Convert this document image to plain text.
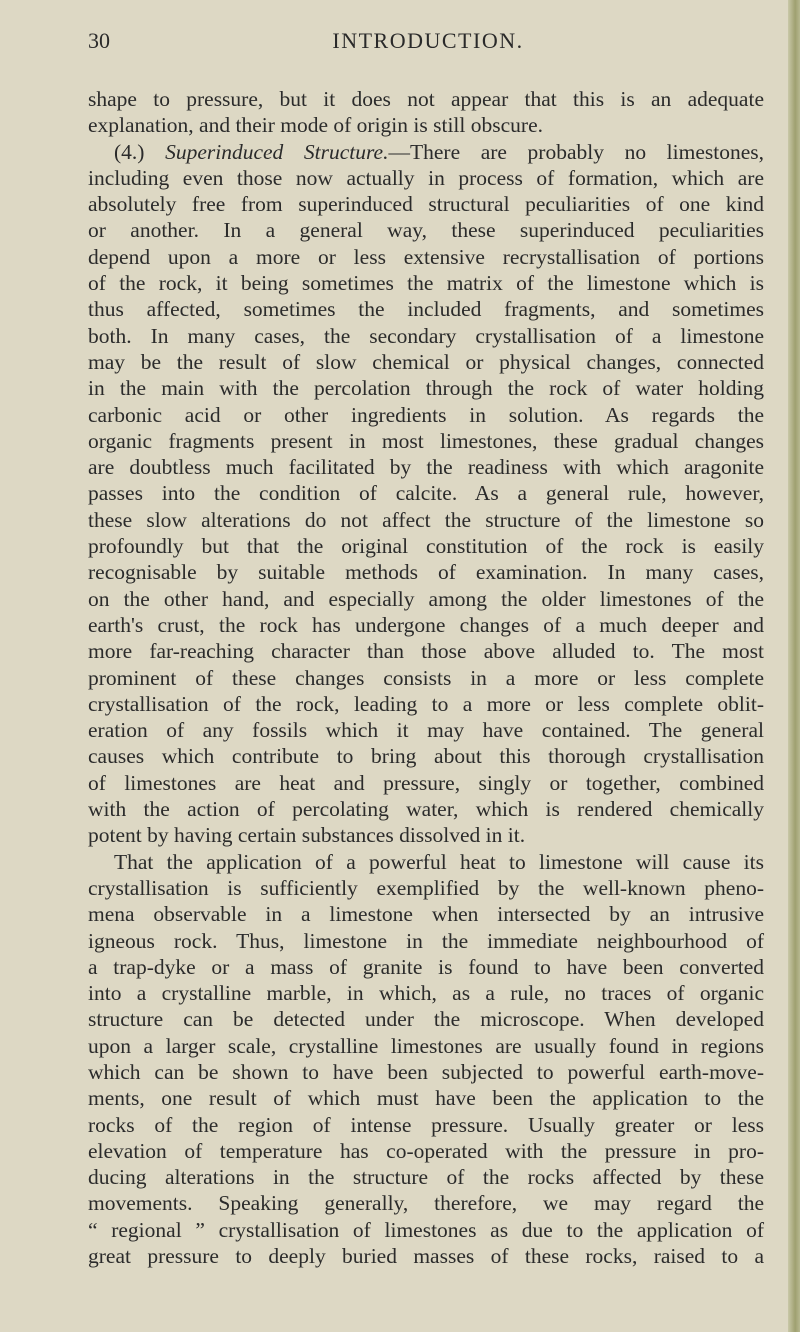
30	INTRODUCTION.
shape to pressure, but it does not appear that this is an adequate
explanation, and their mode of origin is still obscure.
(4.) Superinduced Structure.—There are probably no limestones,
including even those now actually in process of formation, which are
absolutely free from superinduced structural peculiarities of one kind
or another. In a general way, these superinduced peculiarities
depend upon a more or less extensive recrystallisation of portions
of the rock, it being sometimes the matrix of the limestone which is
thus affected, sometimes the included fragments, and sometimes
both. In many cases, the secondary crystallisation of a limestone
may be the result of slow chemical or physical changes, connected
in the main with the percolation through the rock of water holding
carbonic acid or other ingredients in solution. As regards the
organic fragments present in most limestones, these gradual changes
are doubtless much facilitated by the readiness with which aragonite
passes into the condition of calcite. As a general rule, however,
these slow alterations do not affect the structure of the limestone so
profoundly but that the original constitution of the rock is easily
recognisable by suitable methods of examination. In many cases,
on the other hand, and especially among the older limestones of the
earth's crust, the rock has undergone changes of a much deeper and
more far-reaching character than those above alluded to. The most
prominent of these changes consists in a more or less complete
crystallisation of the rock, leading to a more or less complete oblit-
eration of any fossils which it may have contained. The general
causes which contribute to bring about this thorough crystallisation
of limestones are heat and pressure, singly or together, combined
with the action of percolating water, which is rendered chemically
potent by having certain substances dissolved in it.
That the application of a powerful heat to limestone will cause its
crystallisation is sufficiently exemplified by the well-known pheno-
mena observable in a limestone when intersected by an intrusive
igneous rock. Thus, limestone in the immediate neighbourhood of
a trap-dyke or a mass of granite is found to have been converted
into a crystalline marble, in which, as a rule, no traces of organic
structure can be detected under the microscope. When developed
upon a larger scale, crystalline limestones are usually found in regions
which can be shown to have been subjected to powerful earth-move-
ments, one result of which must have been the application to the
rocks of the region of intense pressure. Usually greater or less
elevation of temperature has co-operated with the pressure in pro-
ducing alterations in the structure of the rocks affected by these
movements. Speaking generally, therefore, we may regard the
“ regional ” crystallisation of limestones as due to the application of
great pressure to deeply buried masses of these rocks, raised to a
